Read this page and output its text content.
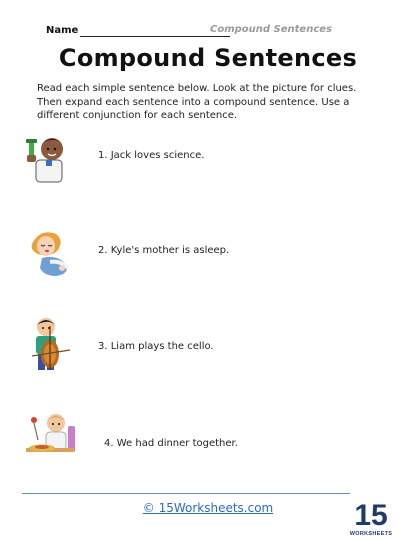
Name	Compound Sentences
Compound Sentences
Read each simple sentence below. Look at the picture for clues. Then expand each sentence into a compound sentence. Use a different conjunction for each sentence.
1. Jack loves science.
2. Kyle's mother is asleep.
3. Liam plays the cello.
4. We had dinner together.
© 15Worksheets.com	15
WORKSHEETS
